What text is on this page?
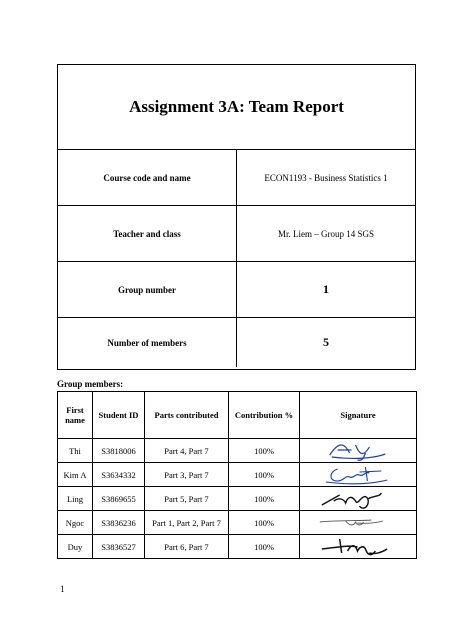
Assignment 3A: Team Report
Course code and name	ECON1193 - Business Statistics 1
Teacher and class	Mr. Liem – Group 14 SGS
Group number	1
Number of members	5
Group members:
First name	Student ID	Parts contributed	Contribution %	Signature
Thi	S3818006	Part 4, Part 7	100%	

Kim A	S3634332	Part 3, Part 7	100%	

Ling	S3869655	Part 5, Part 7	100%	

Ngoc	S3836236	Part 1, Part 2, Part 7	100%	

Duy	S3836527	Part 6, Part 7	100%	
1
